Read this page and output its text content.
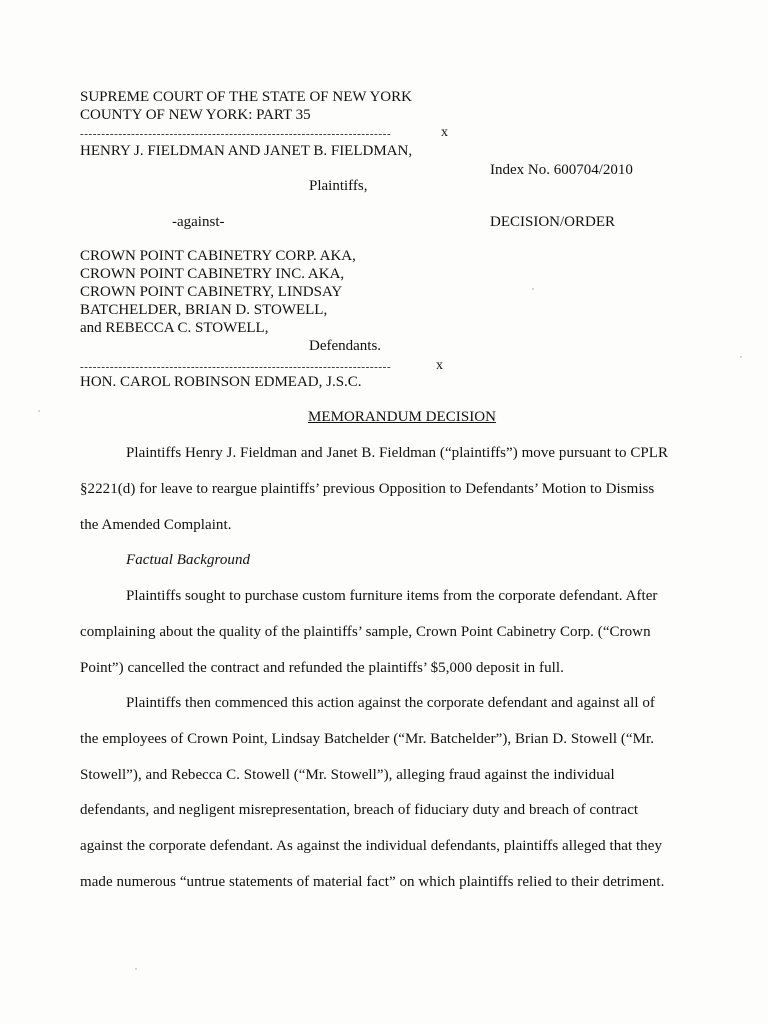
SUPREME COURT OF THE STATE OF NEW YORK
COUNTY OF NEW YORK: PART 35
-------------------------------------------------------------------------	x
HENRY J. FIELDMAN AND JANET B. FIELDMAN,
Index No. 600704/2010
Plaintiffs,
-against-	DECISION/ORDER
CROWN POINT CABINETRY CORP. AKA,
CROWN POINT CABINETRY INC. AKA,
CROWN POINT CABINETRY, LINDSAY
BATCHELDER, BRIAN D. STOWELL,
and REBECCA C. STOWELL,
Defendants.
-------------------------------------------------------------------------	x
HON. CAROL ROBINSON EDMEAD, J.S.C.
MEMORANDUM DECISION
Plaintiffs Henry J. Fieldman and Janet B. Fieldman (“plaintiffs”) move pursuant to CPLR
§2221(d) for leave to reargue plaintiffs’ previous Opposition to Defendants’ Motion to Dismiss
the Amended Complaint.
Factual Background
Plaintiffs sought to purchase custom furniture items from the corporate defendant. After
complaining about the quality of the plaintiffs’ sample, Crown Point Cabinetry Corp. (“Crown
Point”) cancelled the contract and refunded the plaintiffs’ $5,000 deposit in full.
Plaintiffs then commenced this action against the corporate defendant and against all of
the employees of Crown Point, Lindsay Batchelder (“Mr. Batchelder”), Brian D. Stowell (“Mr.
Stowell”), and Rebecca C. Stowell (“Mr. Stowell”), alleging fraud against the individual
defendants, and negligent misrepresentation, breach of fiduciary duty and breach of contract
against the corporate defendant. As against the individual defendants, plaintiffs alleged that they
made numerous “untrue statements of material fact” on which plaintiffs relied to their detriment.
